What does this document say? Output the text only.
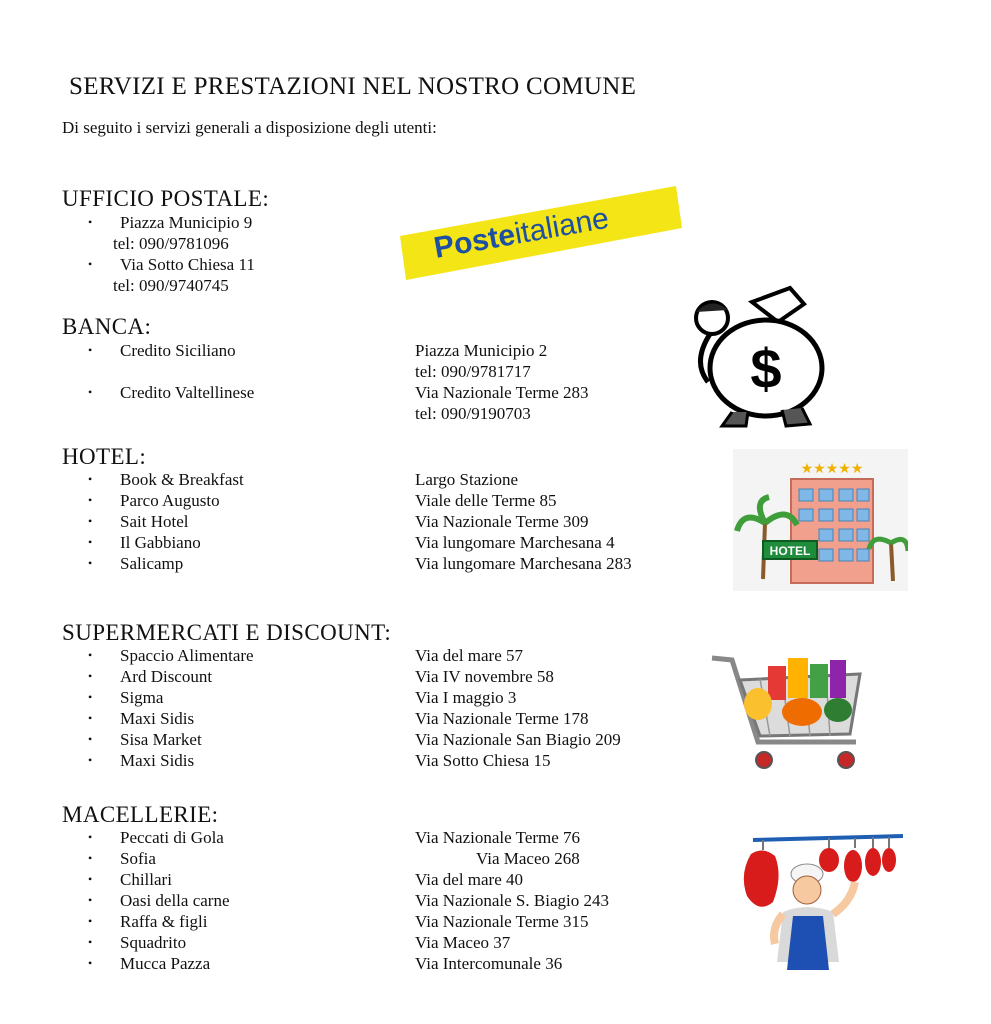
SERVIZI E PRESTAZIONI NEL NOSTRO COMUNE
Di seguito i servizi generali a disposizione degli utenti:
UFFICIO POSTALE:
• Piazza Municipio 9
tel: 090/9781096
• Via Sotto Chiesa 11
tel: 090/9740745
Posteitaliane
BANCA:
• Credito Siciliano	Piazza Municipio 2
tel: 090/9781717
• Credito Valtellinese	Via Nazionale Terme 283
tel: 090/9190703
$
HOTEL:
• Book & Breakfast	Largo Stazione
• Parco Augusto	Viale delle Terme 85
• Sait Hotel	Via Nazionale Terme 309
• Il Gabbiano	Via lungomare Marchesana 4
• Salicamp	Via lungomare Marchesana 283
★★★★★
HOTEL
SUPERMERCATI E DISCOUNT:
• Spaccio Alimentare	Via del mare 57
• Ard Discount	Via IV novembre 58
• Sigma	Via I maggio 3
• Maxi Sidis	Via Nazionale Terme 178
• Sisa Market	Via Nazionale San Biagio 209
• Maxi Sidis	Via Sotto Chiesa 15
MACELLERIE:
• Peccati di Gola	Via Nazionale Terme 76
• Sofia	Via Maceo 268
• Chillari	Via del mare 40
• Oasi della carne	Via Nazionale S. Biagio 243
• Raffa & figli	Via Nazionale Terme 315
• Squadrito	Via Maceo 37
• Mucca Pazza	Via Intercomunale 36
